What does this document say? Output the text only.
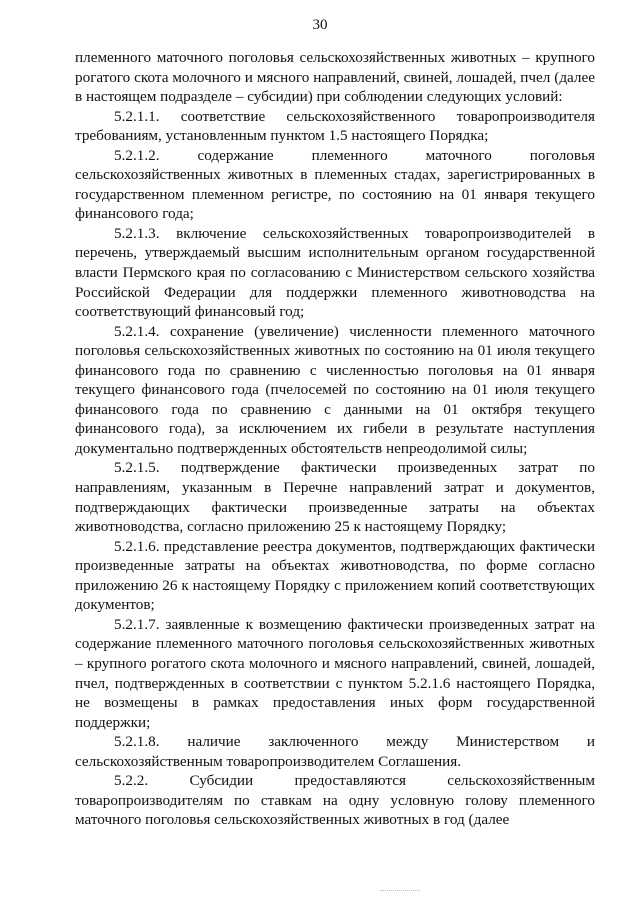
30

племенного маточного поголовья сельскохозяйственных животных – крупного рогатого скота молочного и мясного направлений, свиней, лошадей, пчел (далее в настоящем подразделе – субсидии) при соблюдении следующих условий:

5.2.1.1. соответствие сельскохозяйственного товаропроизводителя требованиям, установленным пунктом 1.5 настоящего Порядка;

5.2.1.2. содержание племенного маточного поголовья сельскохозяйственных животных в племенных стадах, зарегистрированных в государственном племенном регистре, по состоянию на 01 января текущего финансового года;

5.2.1.3. включение сельскохозяйственных товаропроизводителей в перечень, утверждаемый высшим исполнительным органом государственной власти Пермского края по согласованию с Министерством сельского хозяйства Российской Федерации для поддержки племенного животноводства на соответствующий финансовый год;

5.2.1.4. сохранение (увеличение) численности племенного маточного поголовья сельскохозяйственных животных по состоянию на 01 июля текущего финансового года по сравнению с численностью поголовья на 01 января текущего финансового года (пчелосемей по состоянию на 01 июля текущего финансового года по сравнению с данными на 01 октября текущего финансового года), за исключением их гибели в результате наступления документально подтвержденных обстоятельств непреодолимой силы;

5.2.1.5. подтверждение фактически произведенных затрат по направлениям, указанным в Перечне направлений затрат и документов, подтверждающих фактически произведенные затраты на объектах животноводства, согласно приложению 25 к настоящему Порядку;

5.2.1.6. представление реестра документов, подтверждающих фактически произведенные затраты на объектах животноводства, по форме согласно приложению 26 к настоящему Порядку с приложением копий соответствующих документов;

5.2.1.7. заявленные к возмещению фактически произведенных затрат на содержание племенного маточного поголовья сельскохозяйственных животных – крупного рогатого скота молочного и мясного направлений, свиней, лошадей, пчел, подтвержденных в соответствии с пунктом 5.2.1.6 настоящего Порядка, не возмещены в рамках предоставления иных форм государственной поддержки;

5.2.1.8. наличие заключенного между Министерством и сельскохозяйственным товаропроизводителем Соглашения.

5.2.2. Субсидии предоставляются сельскохозяйственным товаропроизводителям по ставкам на одну условную голову племенного маточного поголовья сельскохозяйственных животных в год (далее
